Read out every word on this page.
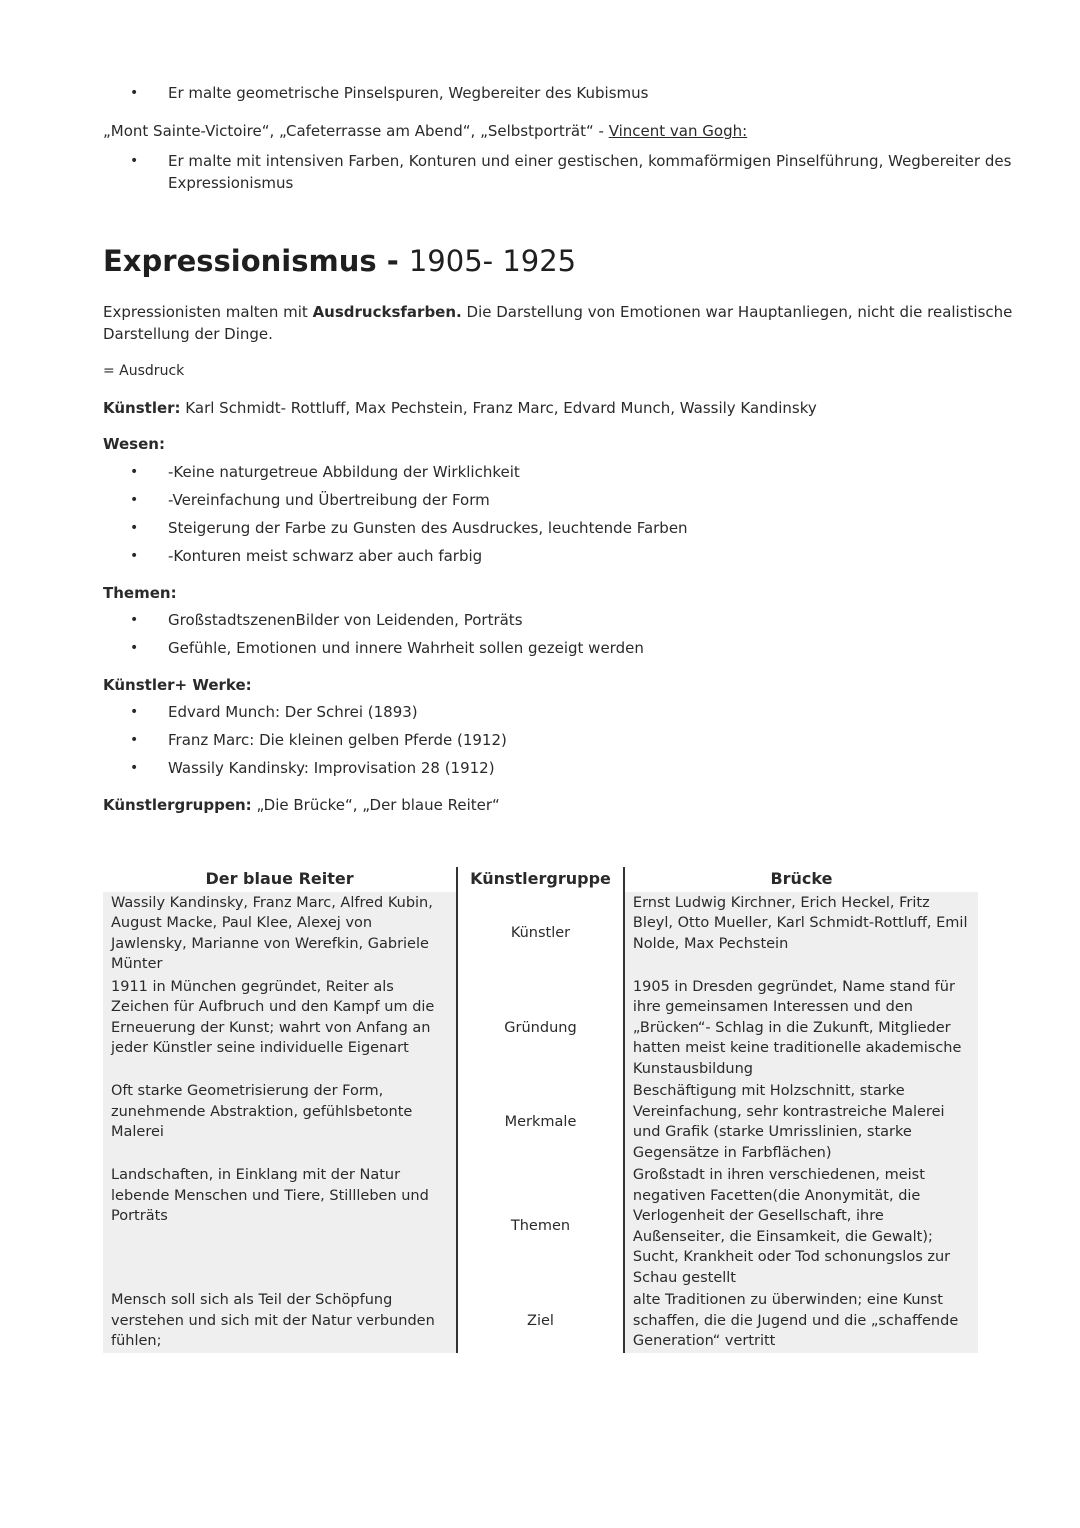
• Er malte geometrische Pinselspuren, Wegbereiter des Kubismus
„Mont Sainte-Victoire“, „Cafeterrasse am Abend“, „Selbstporträt“ - Vincent van Gogh:
• Er malte mit intensiven Farben, Konturen und einer gestischen, kommaförmigen Pinselführung, Wegbereiter des
Expressionismus
Expressionismus - 1905- 1925
Expressionisten malten mit Ausdrucksfarben. Die Darstellung von Emotionen war Hauptanliegen, nicht die realistische
Darstellung der Dinge.
= Ausdruck
Künstler: Karl Schmidt- Rottluff, Max Pechstein, Franz Marc, Edvard Munch, Wassily Kandinsky
Wesen:
• -Keine naturgetreue Abbildung der Wirklichkeit
• -Vereinfachung und Übertreibung der Form
• Steigerung der Farbe zu Gunsten des Ausdruckes, leuchtende Farben
• -Konturen meist schwarz aber auch farbig
Themen:
• GroßstadtszenenBilder von Leidenden, Porträts
• Gefühle, Emotionen und innere Wahrheit sollen gezeigt werden
Künstler+ Werke:
• Edvard Munch: Der Schrei (1893)
• Franz Marc: Die kleinen gelben Pferde (1912)
• Wassily Kandinsky: Improvisation 28 (1912)
Künstlergruppen: „Die Brücke“, „Der blaue Reiter“
Der blaue Reiter	Künstlergruppe	Brücke
Wassily Kandinsky, Franz Marc, Alfred Kubin, August Macke, Paul Klee, Alexej von Jawlensky, Marianne von Werefkin, Gabriele Münter	Künstler	Ernst Ludwig Kirchner, Erich Heckel, Fritz Bleyl, Otto Mueller, Karl Schmidt-Rottluff, Emil Nolde, Max Pechstein
1911 in München gegründet, Reiter als Zeichen für Aufbruch und den Kampf um die Erneuerung der Kunst; wahrt von Anfang an jeder Künstler seine individuelle Eigenart	Gründung	1905 in Dresden gegründet, Name stand für ihre gemeinsamen Interessen und den „Brücken“- Schlag in die Zukunft, Mitglieder hatten meist keine traditionelle akademische Kunstausbildung
Oft starke Geometrisierung der Form, zunehmende Abstraktion, gefühlsbetonte Malerei	Merkmale	Beschäftigung mit Holzschnitt, starke Vereinfachung, sehr kontrastreiche Malerei und Grafik (starke Umrisslinien, starke Gegensätze in Farbflächen)
Landschaften, in Einklang mit der Natur lebende Menschen und Tiere, Stillleben und Porträts	Themen	Großstadt in ihren verschiedenen, meist negativen Facetten(die Anonymität, die Verlogenheit der Gesellschaft, ihre Außenseiter, die Einsamkeit, die Gewalt); Sucht, Krankheit oder Tod schonungslos zur Schau gestellt
Mensch soll sich als Teil der Schöpfung verstehen und sich mit der Natur verbunden fühlen;	Ziel	alte Traditionen zu überwinden; eine Kunst schaffen, die die Jugend und die „schaffende Generation“ vertritt
